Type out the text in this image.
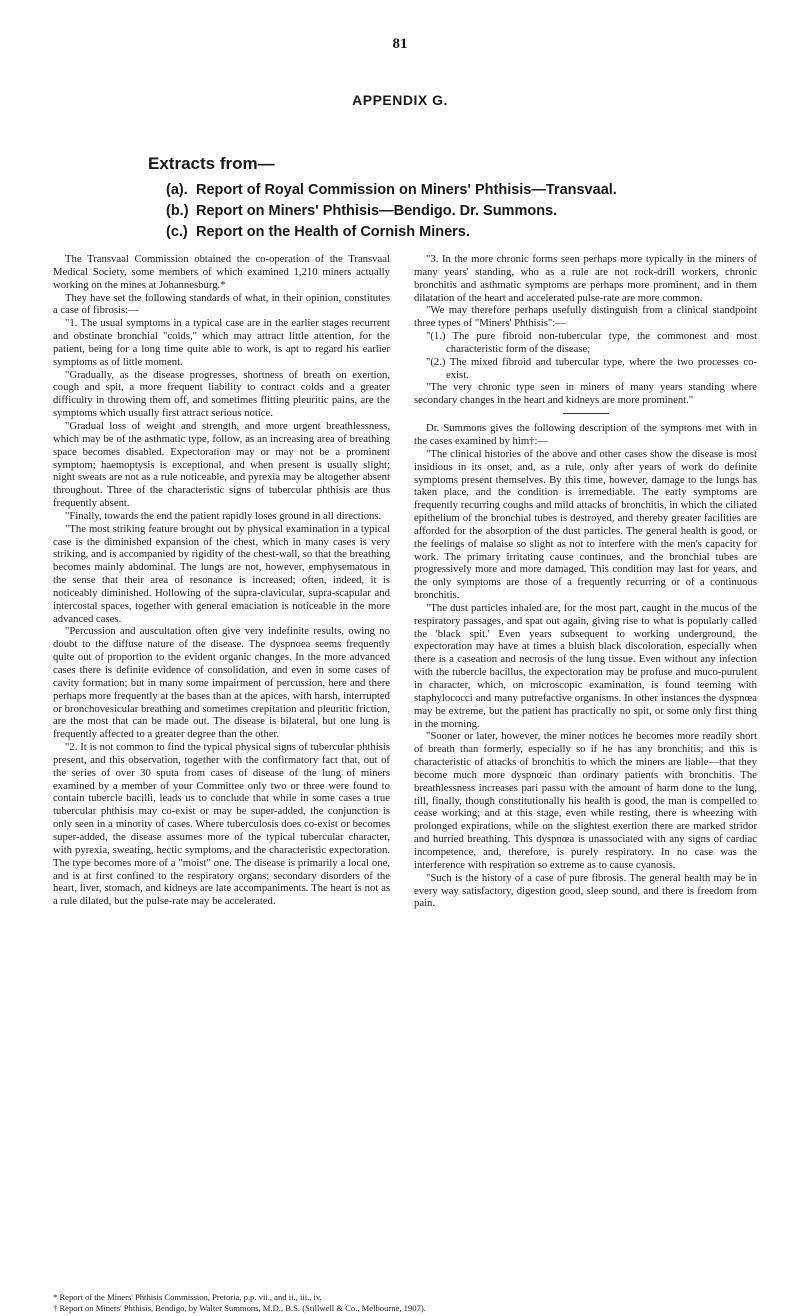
81
APPENDIX G.
Extracts from—
(a). Report of Royal Commission on Miners' Phthisis—Transvaal.
(b.) Report on Miners' Phthisis—Bendigo. Dr. Summons.
(c.) Report on the Health of Cornish Miners.

The Transvaal Commission obtained the co-operation of the Transvaal Medical Society, some members of which examined 1,210 miners actually working on the mines at Johannesburg.*

They have set the following standards of what, in their opinion, constitutes a case of fibrosis:—

"1. The usual symptoms in a typical case are in the earlier stages recurrent and obstinate bronchial "colds," which may attract little attention, for the patient, being for a long time quite able to work, is apt to regard his earlier symptoms as of little moment.

"Gradually, as the disease progresses, shortness of breath on exertion, cough and spit, a more frequent liability to contract colds and a greater difficulty in throwing them off, and sometimes flitting pleuritic pains, are the symptoms which usually first attract serious notice.

"Gradual loss of weight and strength, and more urgent breathlessness, which may be of the asthmatic type, follow, as an increasing area of breathing space becomes disabled. Expectoration may or may not be a prominent symptom; haemoptysis is exceptional, and when present is usually slight; night sweats are not as a rule noticeable, and pyrexia may be altogether absent throughout. Three of the characteristic signs of tubercular phthisis are thus frequently absent.

"Finally, towards the end the patient rapidly loses ground in all directions.

"The most striking feature brought out by physical examination in a typical case is the diminished expansion of the chest, which in many cases is very striking, and is accompanied by rigidity of the chest-wall, so that the breathing becomes mainly abdominal. The lungs are not, however, emphysematous in the sense that their area of resonance is increased; often, indeed, it is noticeably diminished. Hollowing of the supra-clavicular, supra-scapular and intercostal spaces, together with general emaciation is noticeable in the more advanced cases.

"Percussion and auscultation often give very indefinite results, owing no doubt to the diffuse nature of the disease. The dyspnoea seems frequently quite out of proportion to the evident organic changes. In the more advanced cases there is definite evidence of consolidation, and even in some cases of cavity formation; but in many some impairment of percussion, here and there perhaps more frequently at the bases than at the apices, with harsh, interrupted or bronchovesicular breathing and sometimes crepitation and pleuritic friction, are the most that can be made out. The disease is bilateral, but one lung is frequently affected to a greater degree than the other.

"2. It is not common to find the typical physical signs of tubercular phthisis present, and this observation, together with the confirmatory fact that, out of the series of over 30 sputa from cases of disease of the lung of miners examined by a member of your Committee only two or three were found to contain tubercle bacilli, leads us to conclude that while in some cases a true tubercular phthisis may co-exist or may be super-added, the conjunction is only seen in a minority of cases. Where tuberculosis does co-exist or becomes super-added, the disease assumes more of the typical tubercular character, with pyrexia, sweating, hectic symptoms, and the characteristic expectoration. The type becomes more of a "moist" one. The disease is primarily a local one, and is at first confined to the respiratory organs; secondary disorders of the heart, liver, stomach, and kidneys are late accompaniments. The heart is not as a rule dilated, but the pulse-rate may be accelerated.

"3. In the more chronic forms seen perhaps more typically in the miners of many years' standing, who as a rule are not rock-drill workers, chronic bronchitis and asthmatic symptoms are perhaps more prominent, and in them dilatation of the heart and accelerated pulse-rate are more common.

"We may therefore perhaps usefully distinguish from a clinical standpoint three types of "Miners' Phthisis":—

"(1.) The pure fibroid non-tubercular type, the commonest and most characteristic form of the disease;

"(2.) The mixed fibroid and tubercular type, where the two processes co-exist.

"The very chronic type seen in miners of many years standing where secondary changes in the heart and kidneys are more prominent."

Dr. Summons gives the following description of the symptons met with in the cases examined by him†:—

"The clinical histories of the above and other cases show the disease is most insidious in its onset, and, as a rule, only after years of work do definite symptoms present themselves. By this time, however, damage to the lungs has taken place, and the condition is irremediable. The early symptoms are frequently recurring coughs and mild attacks of bronchitis, in which the ciliated epithelium of the bronchial tubes is destroyed, and thereby greater facilities are afforded for the absorption of the dust particles. The general health is good, or the feelings of malaise so slight as not to interfere with the men's capacity for work. The primary irritating cause continues, and the bronchial tubes are progressively more and more damaged. This condition may last for years, and the only symptoms are those of a frequently recurring or of a continuous bronchitis.

"The dust particles inhaled are, for the most part, caught in the mucus of the respiratory passages, and spat out again, giving rise to what is popularly called the 'black spit.' Even years subsequent to working underground, the expectoration may have at times a bluish black discoloration, especially when there is a caseation and necrosis of the lung tissue. Even without any infection with the tubercle bacillus, the expectoration may be profuse and muco-purulent in character, which, on microscopic examination, is found teeming with staphylococci and many putrefactive organisms. In other instances the dyspnœa may be extreme, but the patient has practically no spit, or some only first thing in the morning.

"Sooner or later, however, the miner notices he becomes more readily short of breath than formerly, especially so if he has any bronchitis; and this is characteristic of attacks of bronchitis to which the miners are liable—that they become much more dyspnœic than ordinary patients with bronchitis. The breathlessness increases pari passu with the amount of harm done to the lung, till, finally, though constitutionally his health is good, the man is compelled to cease working; and at this stage, even while resting, there is wheezing with prolonged expirations, while on the slightest exertion there are marked stridor and hurried breathing. This dyspnœa is unassociated with any signs of cardiac incompetence, and, therefore, is purely respiratory. In no case was the interference with respiration so extreme as to cause cyanosis.

"Such is the history of a case of pure fibrosis. The general health may be in every way satisfactory, digestion good, sleep sound, and there is freedom from pain.

* Report of the Miners' Phthisis Commission, Pretoria, p.p. vii., and ii., iii., iv.
† Report on Miners' Phthisis, Bendigo, by Walter Summons, M.D., B.S. (Stillwell & Co., Melbourne, 1907).
